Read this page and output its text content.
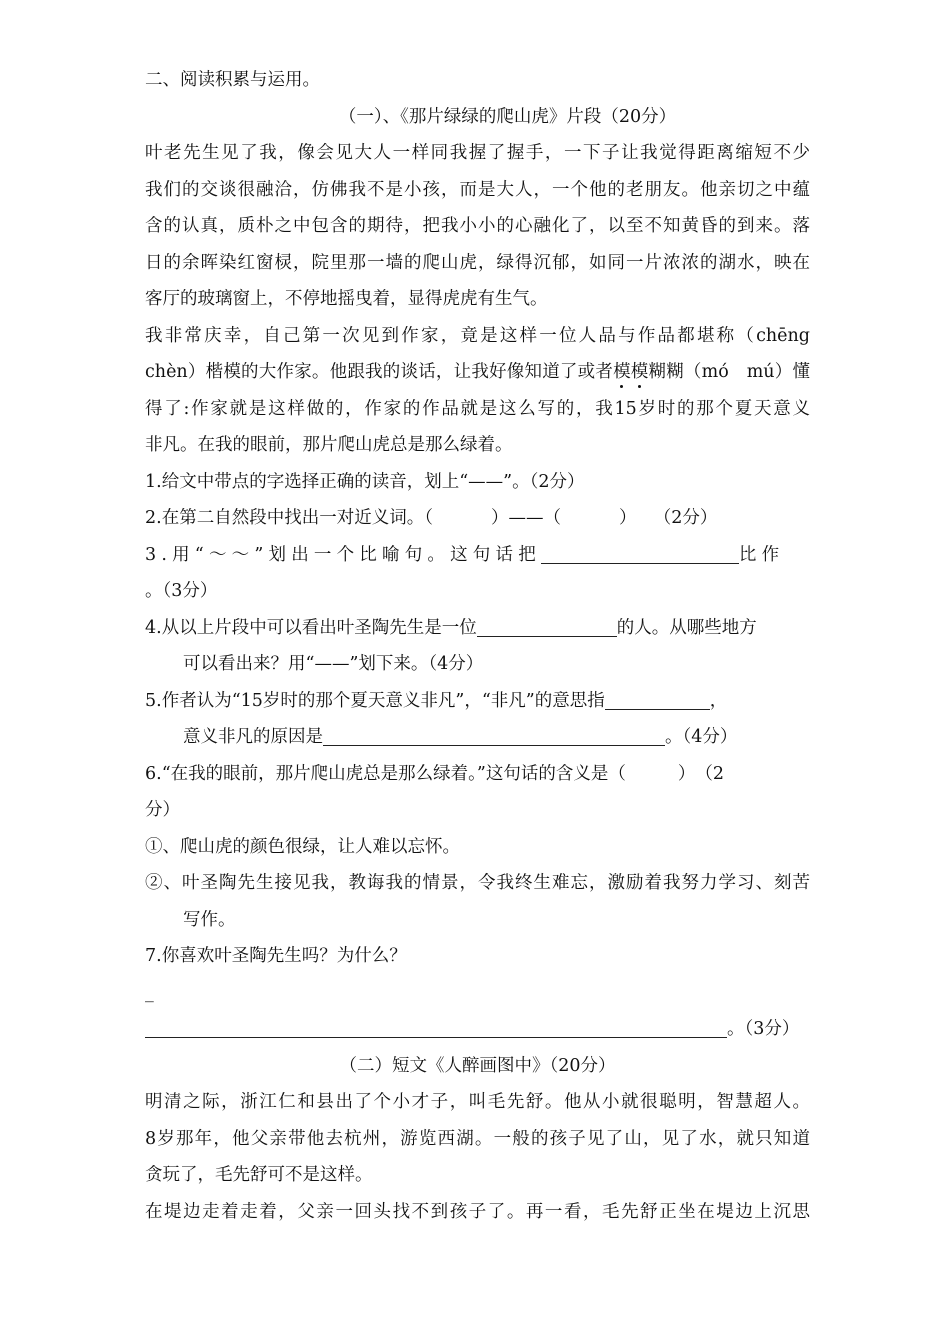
二、阅读积累与运用。
（一）、《那片绿绿的爬山虎》片段（20分）
叶老先生见了我，像会见大人一样同我握了握手，一下子让我觉得距离缩短不少
我们的交谈很融洽，仿佛我不是小孩，而是大人，一个他的老朋友。他亲切之中蕴
含的认真，质朴之中包含的期待，把我小小的心融化了，以至不知黄昏的到来。落
日的余晖染红窗棂，院里那一墙的爬山虎，绿得沉郁，如同一片浓浓的湖水，映在
客厅的玻璃窗上，不停地摇曳着，显得虎虎有生气。
我非常庆幸，自己第一次见到作家，竟是这样一位人品与作品都堪称（chēng
chèn）楷模的大作家。他跟我的谈话，让我好像知道了或者模模糊糊（mó　mú）懂
得了:作家就是这样做的，作家的作品就是这么写的，我15岁时的那个夏天意义
非凡。在我的眼前，那片爬山虎总是那么绿着。
1.给文中带点的字选择正确的读音，划上“——”。（2分）
2.在第二自然段中找出一对近义词。（	）——（	） （2分）
3.用“～～”划出一个比喻句。这句话把	比作
。（3分）
4.从以上片段中可以看出叶圣陶先生是一位	的人。从哪些地方
可以看出来？用“——”划下来。（4分）
5.作者认为“15岁时的那个夏天意义非凡”，“非凡”的意思指	，
意义非凡的原因是	。（4分）
6.“在我的眼前，那片爬山虎总是那么绿着。”这句话的含义是（	）　（2
分）
①、爬山虎的颜色很绿，让人难以忘怀。
②、叶圣陶先生接见我，教诲我的情景，令我终生难忘，激励着我努力学习、刻苦
写作。
7.你喜欢叶圣陶先生吗？为什么？
_
。（3分）
（二）短文《人醉画图中》（20分）
明清之际，浙江仁和县出了个小才子，叫毛先舒。他从小就很聪明，智慧超人。
8岁那年，他父亲带他去杭州，游览西湖。一般的孩子见了山，见了水，就只知道
贪玩了，毛先舒可不是这样。
在堤边走着走着，父亲一回头找不到孩子了。再一看，毛先舒正坐在堤边上沉思
